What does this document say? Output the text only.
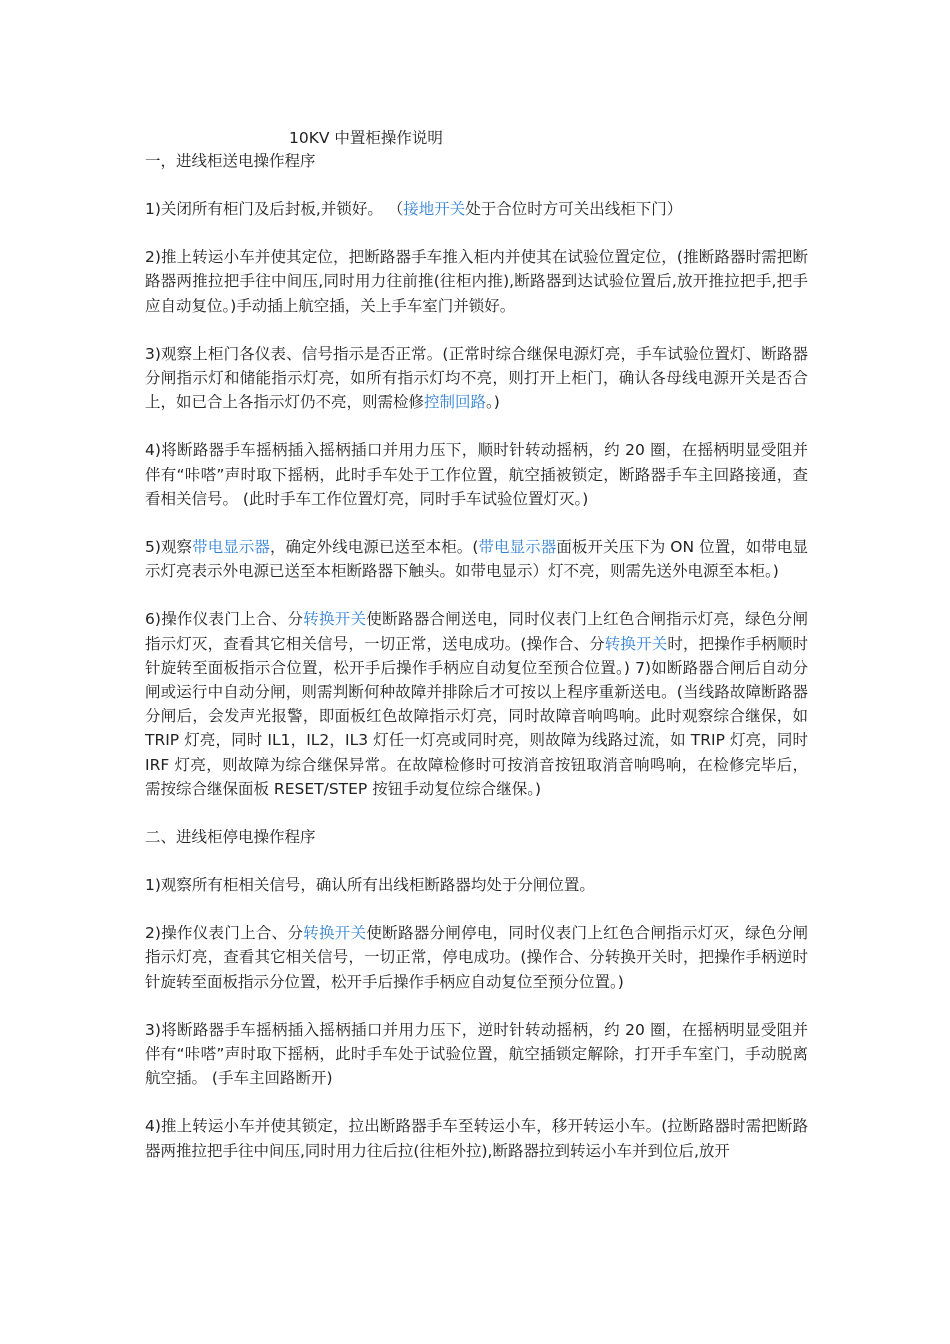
10KV 中置柜操作说明
一，进线柜送电操作程序
1)关闭所有柜门及后封板,并锁好。 （接地开关处于合位时方可关出线柜下门）
2)推上转运小车并使其定位，把断路器手车推入柜内并使其在试验位置定位，(推断路器时需把断路器两推拉把手往中间压,同时用力往前推(往柜内推),断路器到达试验位置后,放开推拉把手,把手应自动复位。)手动插上航空插，关上手车室门并锁好。
3)观察上柜门各仪表、信号指示是否正常。(正常时综合继保电源灯亮，手车试验位置灯、断路器分闸指示灯和储能指示灯亮，如所有指示灯均不亮，则打开上柜门，确认各母线电源开关是否合上，如已合上各指示灯仍不亮，则需检修控制回路。)
4)将断路器手车摇柄插入摇柄插口并用力压下，顺时针转动摇柄，约 20 圈，在摇柄明显受阻并伴有“咔嗒”声时取下摇柄，此时手车处于工作位置，航空插被锁定，断路器手车主回路接通，查看相关信号。 (此时手车工作位置灯亮，同时手车试验位置灯灭。)
5)观察带电显示器，确定外线电源已送至本柜。(带电显示器面板开关压下为 ON 位置，如带电显示灯亮表示外电源已送至本柜断路器下触头。如带电显示）灯不亮，则需先送外电源至本柜。)
6)操作仪表门上合、分转换开关使断路器合闸送电，同时仪表门上红色合闸指示灯亮，绿色分闸指示灯灭，查看其它相关信号，一切正常，送电成功。(操作合、分转换开关时，把操作手柄顺时针旋转至面板指示合位置，松开手后操作手柄应自动复位至预合位置。) 7)如断路器合闸后自动分闸或运行中自动分闸，则需判断何种故障并排除后才可按以上程序重新送电。(当线路故障断路器分闸后，会发声光报警，即面板红色故障指示灯亮，同时故障音响鸣响。此时观察综合继保，如 TRIP 灯亮，同时 IL1，IL2，IL3 灯任一灯亮或同时亮，则故障为线路过流，如 TRIP 灯亮，同时 IRF 灯亮，则故障为综合继保异常。在故障检修时可按消音按钮取消音响鸣响，在检修完毕后，需按综合继保面板 RESET/STEP 按钮手动复位综合继保。)
二、进线柜停电操作程序
1)观察所有柜相关信号，确认所有出线柜断路器均处于分闸位置。
2)操作仪表门上合、分转换开关使断路器分闸停电，同时仪表门上红色合闸指示灯灭，绿色分闸指示灯亮，查看其它相关信号，一切正常，停电成功。(操作合、分转换开关时，把操作手柄逆时针旋转至面板指示分位置，松开手后操作手柄应自动复位至预分位置。)
3)将断路器手车摇柄插入摇柄插口并用力压下，逆时针转动摇柄，约 20 圈，在摇柄明显受阻并伴有“咔嗒”声时取下摇柄，此时手车处于试验位置，航空插锁定解除，打开手车室门，手动脱离航空插。 (手车主回路断开)
4)推上转运小车并使其锁定，拉出断路器手车至转运小车，移开转运小车。(拉断路器时需把断路器两推拉把手往中间压,同时用力往后拉(往柜外拉),断路器拉到转运小车并到位后,放开
